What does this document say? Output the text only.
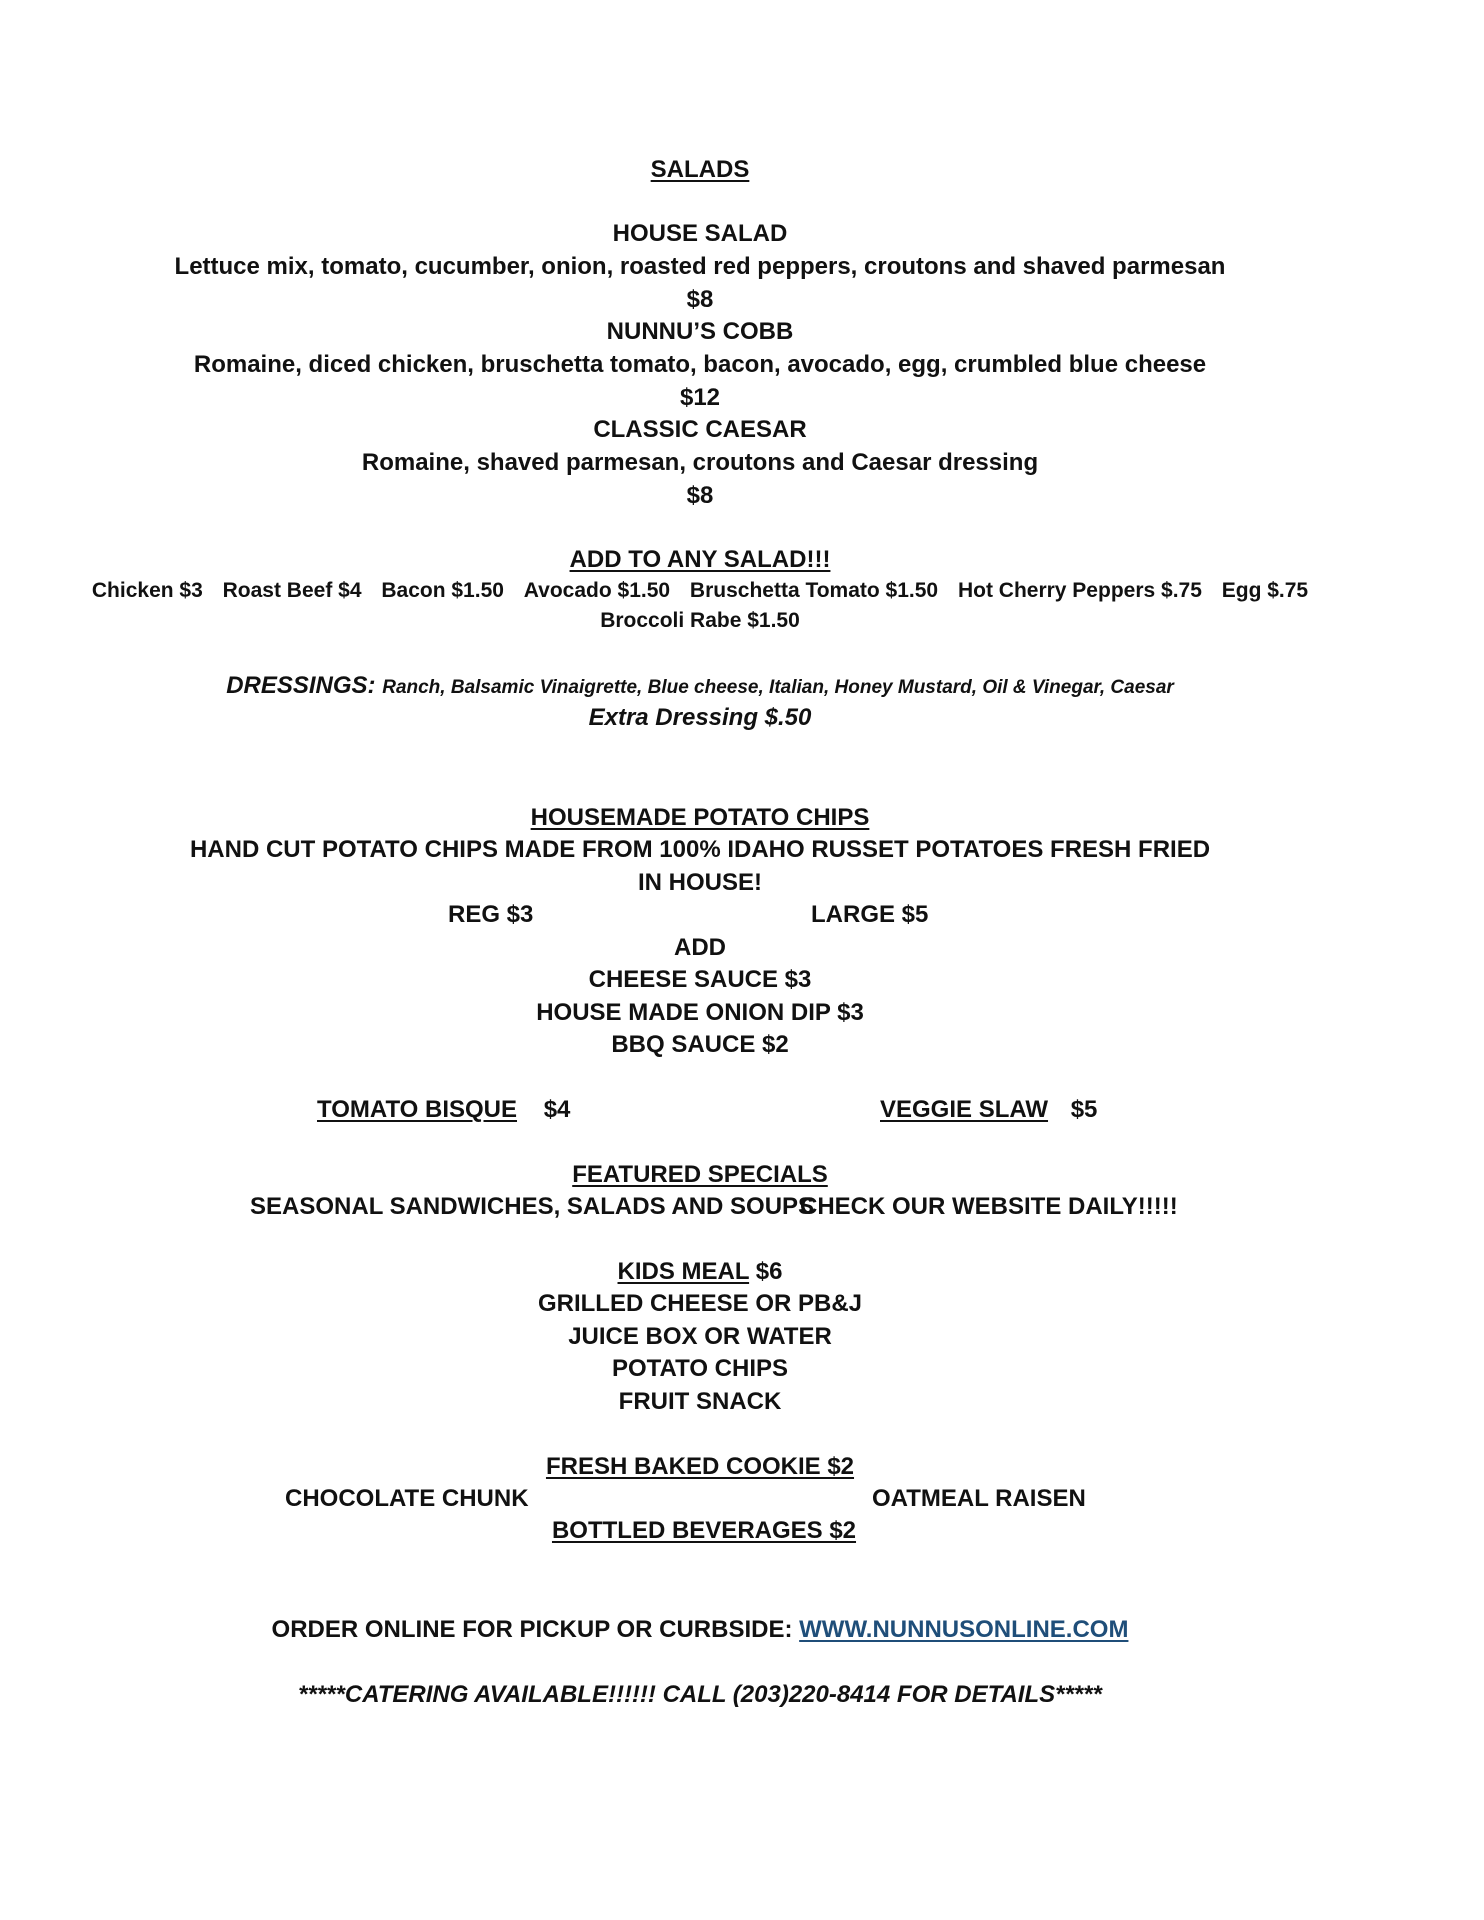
SALADS
HOUSE SALAD
Lettuce mix, tomato, cucumber, onion, roasted red peppers, croutons and shaved parmesan
$8
NUNNU’S COBB
Romaine, diced chicken, bruschetta tomato, bacon, avocado, egg, crumbled blue cheese
$12
CLASSIC CAESAR
Romaine, shaved parmesan, croutons and Caesar dressing
$8
ADD TO ANY SALAD!!!
Chicken $3 Roast Beef $4 Bacon $1.50 Avocado $1.50 Bruschetta Tomato $1.50 Hot Cherry Peppers $.75 Egg $.75
Broccoli Rabe $1.50
DRESSINGS: Ranch, Balsamic Vinaigrette, Blue cheese, Italian, Honey Mustard, Oil & Vinegar, Caesar
Extra Dressing $.50
HOUSEMADE POTATO CHIPS
HAND CUT POTATO CHIPS MADE FROM 100% IDAHO RUSSET POTATOES FRESH FRIED
IN HOUSE!
REG $3	LARGE $5
ADD
CHEESE SAUCE $3
HOUSE MADE ONION DIP $3
BBQ SAUCE $2
TOMATO BISQUE $4	VEGGIE SLAW $5
FEATURED SPECIALS
SEASONAL SANDWICHES, SALADS AND SOUPS
CHECK OUR WEBSITE DAILY!!!!!
KIDS MEAL $6
GRILLED CHEESE OR PB&J
JUICE BOX OR WATER
POTATO CHIPS
FRUIT SNACK
FRESH BAKED COOKIE $2
CHOCOLATE CHUNK	OATMEAL RAISEN
BOTTLED BEVERAGES $2
ORDER ONLINE FOR PICKUP OR CURBSIDE: WWW.NUNNUSONLINE.COM
*****CATERING AVAILABLE!!!!!! CALL (203)220-8414 FOR DETAILS*****
